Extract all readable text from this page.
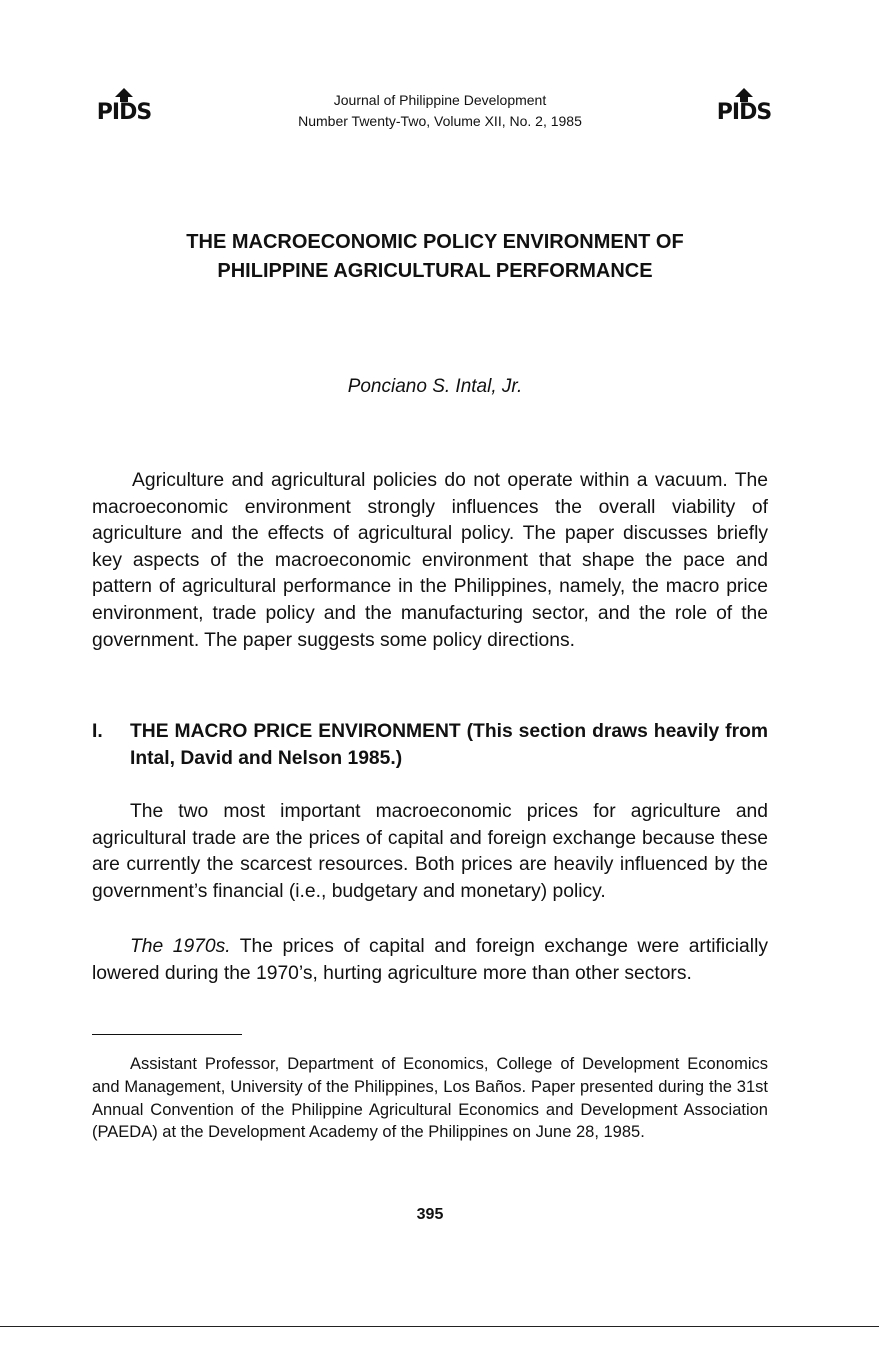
PIDS	Journal of Philippine Development
Number Twenty-Two, Volume XII, No. 2, 1985	PIDS
THE MACROECONOMIC POLICY ENVIRONMENT OF
PHILIPPINE AGRICULTURAL PERFORMANCE
Ponciano S. Intal, Jr.
Agriculture and agricultural policies do not operate within a vacuum. The macroeconomic environment strongly influences the overall viability of agriculture and the effects of agricultural policy. The paper discusses briefly key aspects of the macroeconomic environment that shape the pace and pattern of agricultural performance in the Philippines, namely, the macro price environment, trade policy and the manufacturing sector, and the role of the government. The paper suggests some policy directions.
I. THE MACRO PRICE ENVIRONMENT (This section draws heavily from Intal, David and Nelson 1985.)
The two most important macroeconomic prices for agriculture and agricultural trade are the prices of capital and foreign exchange because these are currently the scarcest resources. Both prices are heavily influenced by the government’s financial (i.e., budgetary and monetary) policy.
The 1970s. The prices of capital and foreign exchange were artificially lowered during the 1970’s, hurting agriculture more than other sectors.
Assistant Professor, Department of Economics, College of Development Economics and Management, University of the Philippines, Los Baños. Paper presented during the 31st Annual Convention of the Philippine Agricultural Economics and Development Association (PAEDA) at the Development Academy of the Philippines on June 28, 1985.
395
